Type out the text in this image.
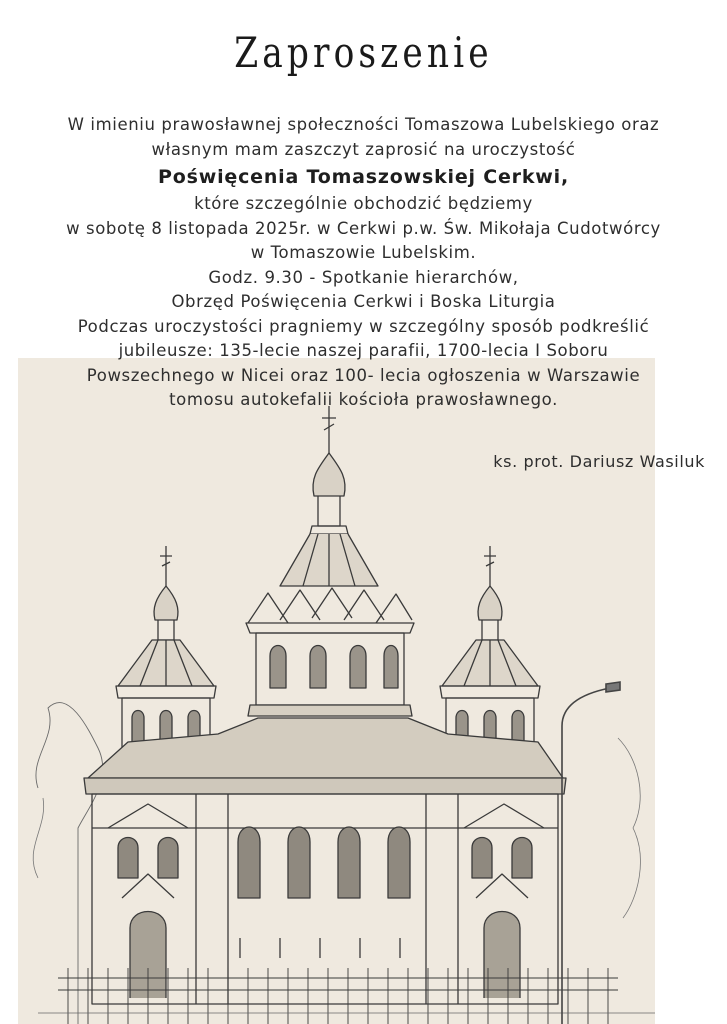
Zaproszenie
W imieniu prawosławnej społeczności Tomaszowa Lubelskiego oraz
własnym mam zaszczyt zaprosić na uroczystość
Poświęcenia Tomaszowskiej Cerkwi,
które szczególnie obchodzić będziemy
w sobotę 8 listopada 2025r. w Cerkwi p.w. Św. Mikołaja Cudotwórcy
w Tomaszowie Lubelskim.
Godz. 9.30 - Spotkanie hierarchów,
Obrzęd Poświęcenia Cerkwi i Boska Liturgia
Podczas uroczystości pragniemy w szczególny sposób podkreślić
jubileusze: 135-lecie naszej parafii, 1700-lecia I Soboru
Powszechnego w Nicei oraz 100- lecia ogłoszenia w Warszawie
tomosu autokefalii kościoła prawosławnego.
ks. prot. Dariusz Wasiluk
